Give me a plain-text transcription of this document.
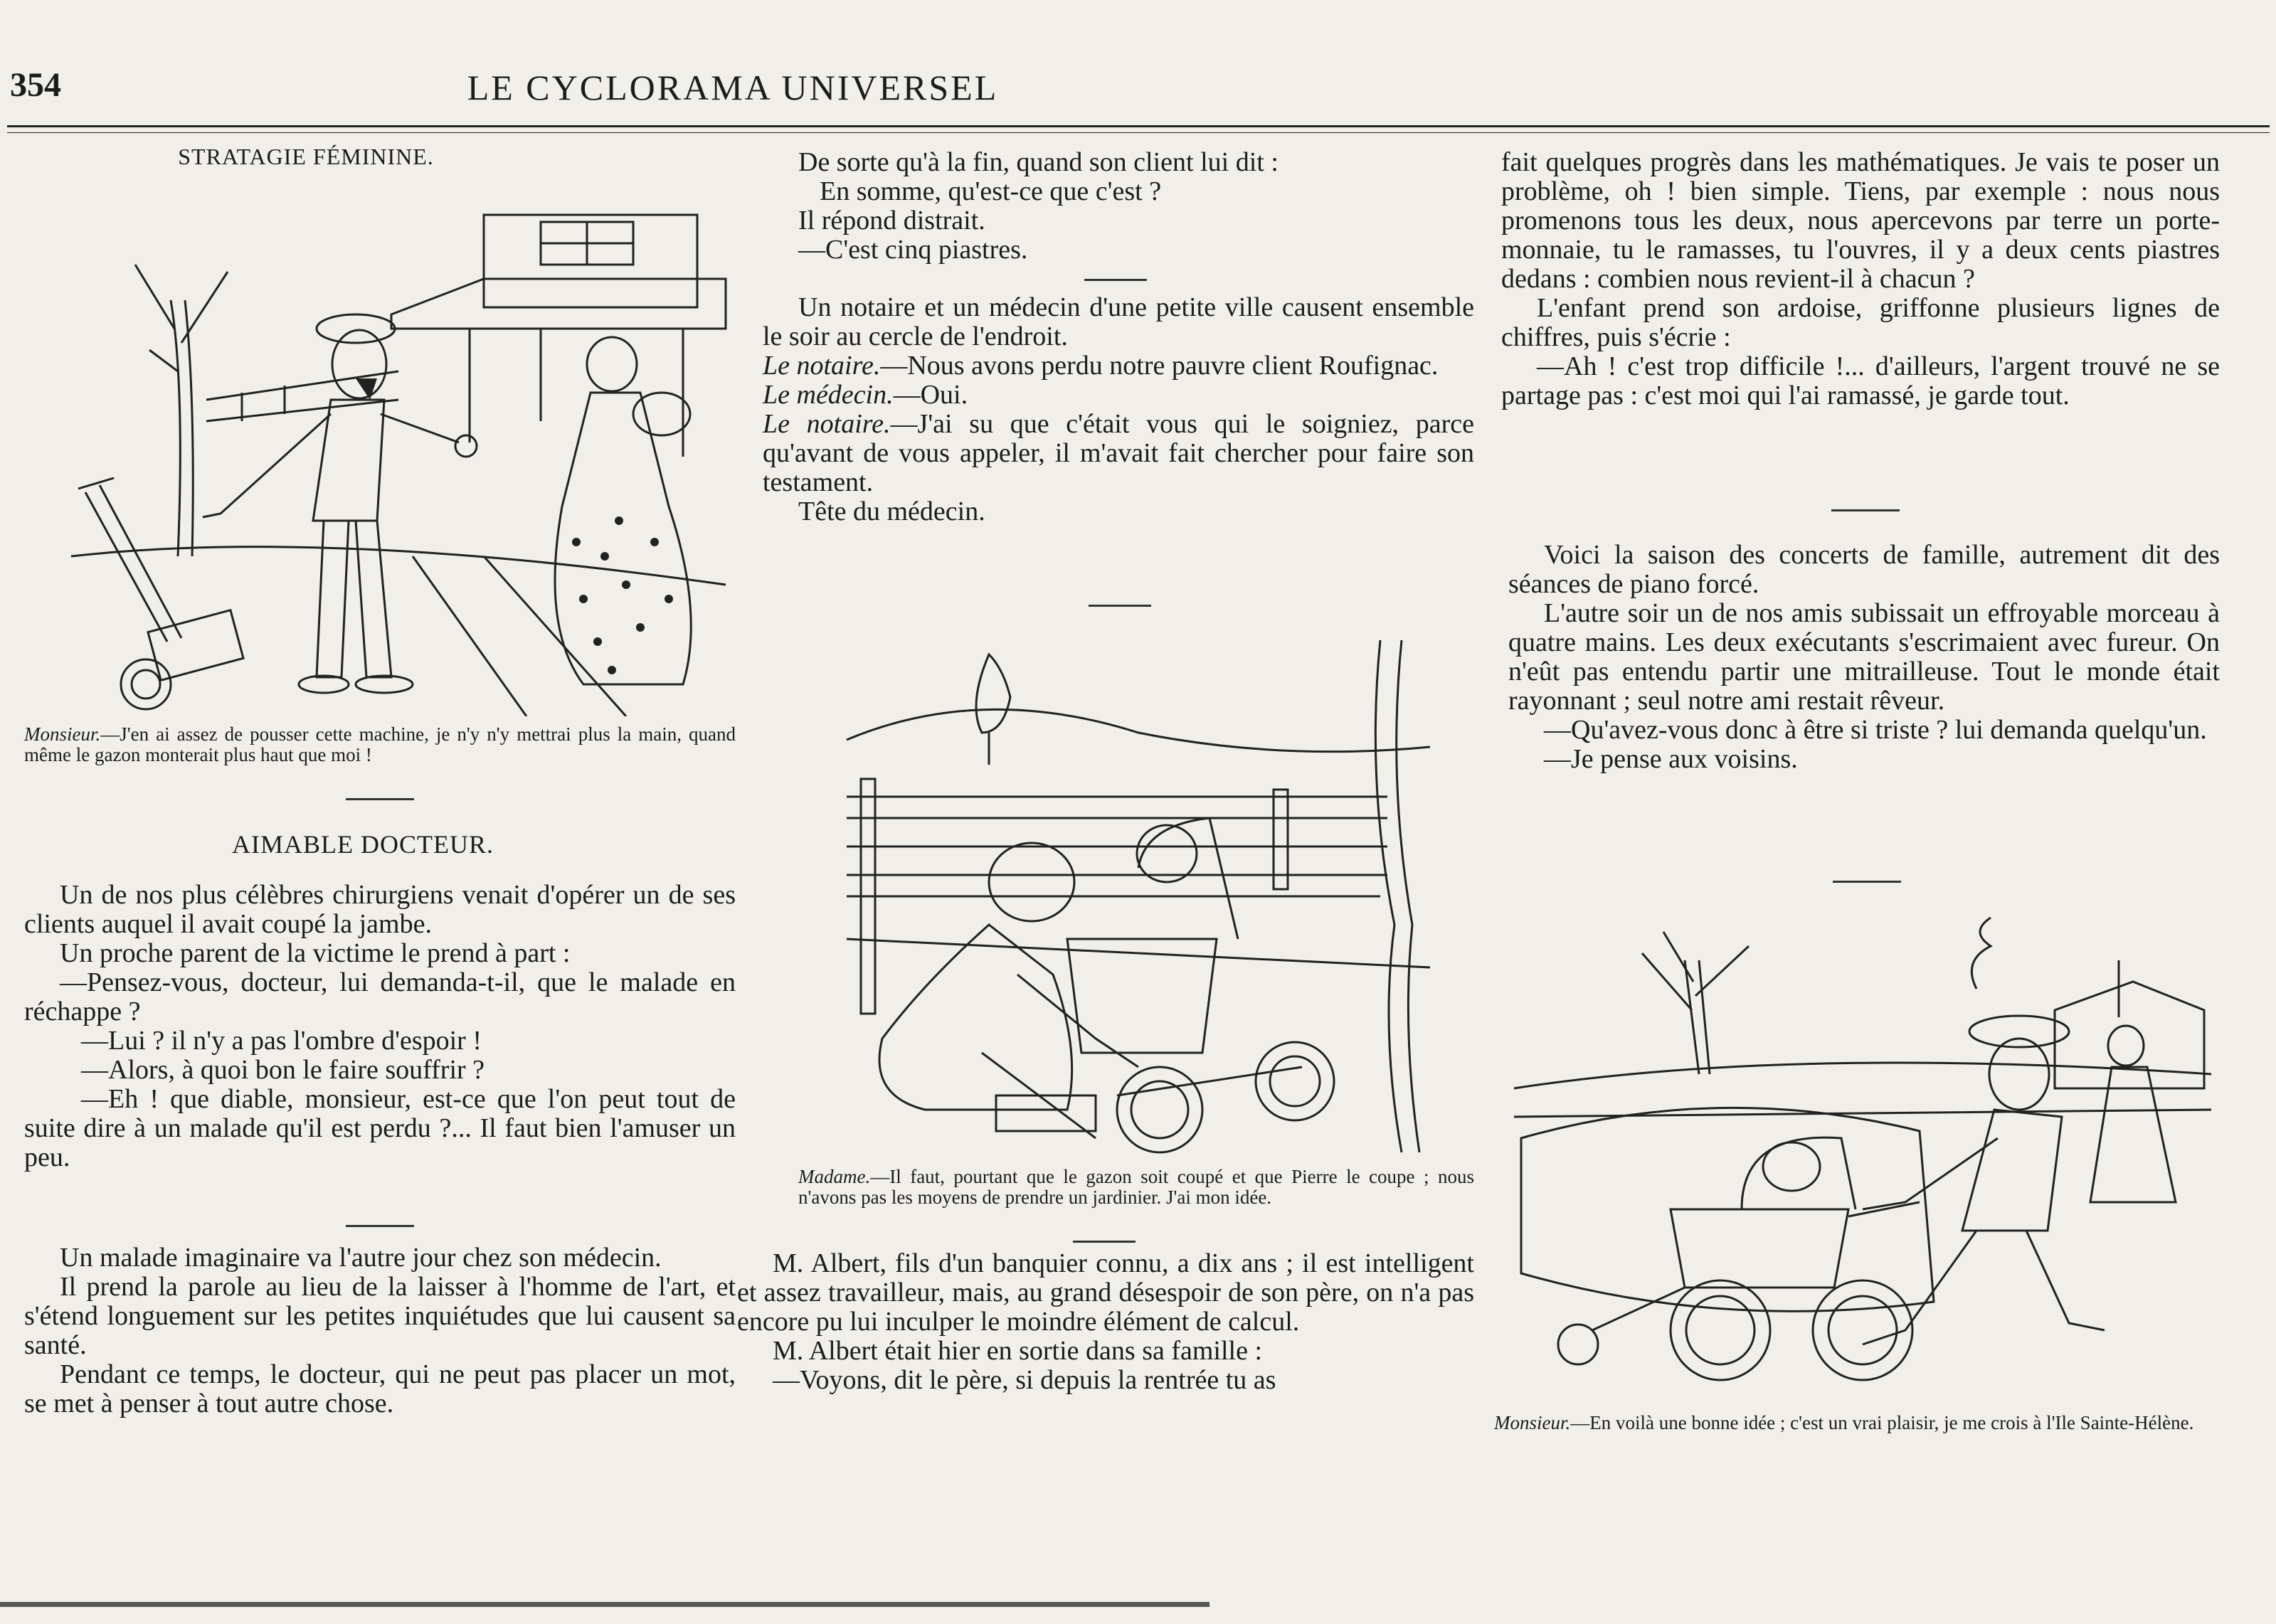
354	LE CYCLORAMA UNIVERSEL
STRATAGIE FÉMININE.
Monsieur.—J'en ai assez de pousser cette machine, je n'y n'y mettrai plus la main, quand même le gazon monterait plus haut que moi !
AIMABLE DOCTEUR.

Un de nos plus célèbres chirurgiens venait d'opérer un de ses clients auquel il avait coupé la jambe.

Un proche parent de la victime le prend à part :

—Pensez-vous, docteur, lui demanda-t-il, que le malade en réchappe ?

—Lui ? il n'y a pas l'ombre d'espoir !

—Alors, à quoi bon le faire souffrir ?

—Eh ! que diable, monsieur, est-ce que l'on peut tout de suite dire à un malade qu'il est perdu ?... Il faut bien l'amuser un peu.

Un malade imaginaire va l'autre jour chez son médecin.

Il prend la parole au lieu de la laisser à l'homme de l'art, et s'étend longuement sur les petites inquiétudes que lui causent sa santé.

Pendant ce temps, le docteur, qui ne peut pas placer un mot, se met à penser à tout autre chose.

De sorte qu'à la fin, quand son client lui dit :

En somme, qu'est-ce que c'est ?

Il répond distrait.

—C'est cinq piastres.

Un notaire et un médecin d'une petite ville causent ensemble le soir au cercle de l'endroit.

Le notaire.—Nous avons perdu notre pauvre client Roufignac.

Le médecin.—Oui.

Le notaire.—J'ai su que c'était vous qui le soigniez, parce qu'avant de vous appeler, il m'avait fait chercher pour faire son testament.

Tête du médecin.

Madame.—Il faut, pourtant que le gazon soit coupé et que Pierre le coupe ; nous n'avons pas les moyens de prendre un jardinier. J'ai mon idée.

M. Albert, fils d'un banquier connu, a dix ans ; il est intelligent et assez travailleur, mais, au grand désespoir de son père, on n'a pas encore pu lui inculper le moindre élément de calcul.

M. Albert était hier en sortie dans sa famille :

—Voyons, dit le père, si depuis la rentrée tu as

fait quelques progrès dans les mathématiques. Je vais te poser un problème, oh ! bien simple. Tiens, par exemple : nous nous promenons tous les deux, nous apercevons par terre un porte-monnaie, tu le ramasses, tu l'ouvres, il y a deux cents piastres dedans : combien nous revient-il à chacun ?

L'enfant prend son ardoise, griffonne plusieurs lignes de chiffres, puis s'écrie :

—Ah ! c'est trop difficile !... d'ailleurs, l'argent trouvé ne se partage pas : c'est moi qui l'ai ramassé, je garde tout.

Voici la saison des concerts de famille, autrement dit des séances de piano forcé.

L'autre soir un de nos amis subissait un effroyable morceau à quatre mains. Les deux exécutants s'escrimaient avec fureur. On n'eût pas entendu partir une mitrailleuse. Tout le monde était rayonnant ; seul notre ami restait rêveur.

—Qu'avez-vous donc à être si triste ? lui demanda quelqu'un.

—Je pense aux voisins.

Monsieur.—En voilà une bonne idée ; c'est un vrai plaisir, je me crois à l'Ile Sainte-Hélène.
